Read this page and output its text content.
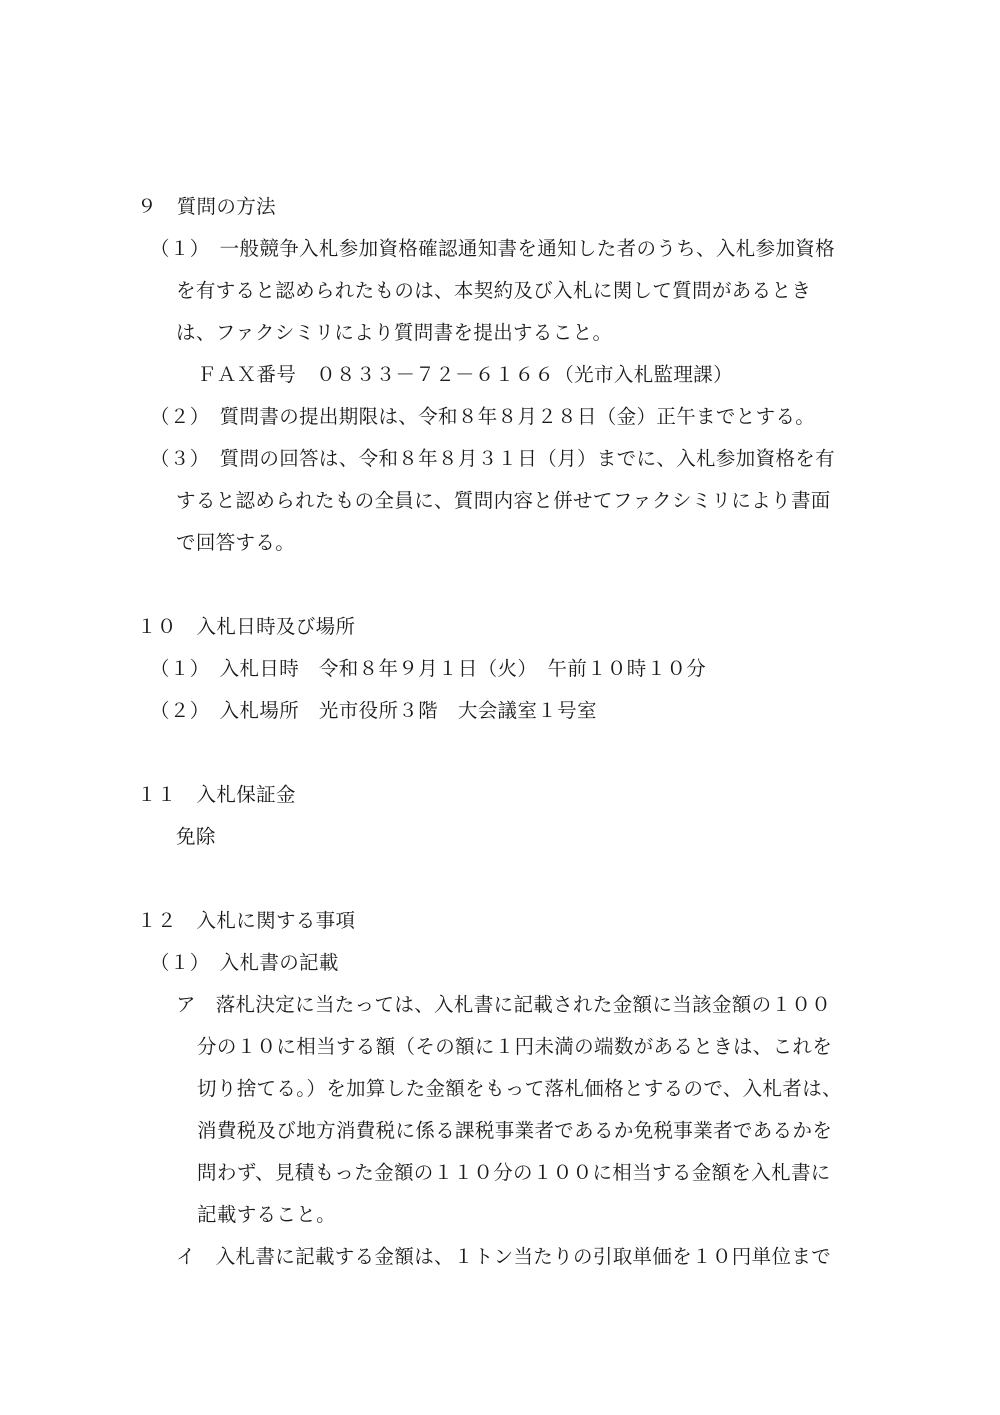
９　質問の方法
（１）　一般競争入札参加資格確認通知書を通知した者のうち、入札参加資格
を有すると認められたものは、本契約及び入札に関して質問があるとき
は、ファクシミリにより質問書を提出すること。
ＦＡＸ番号　０８３３－７２－６１６６（光市入札監理課）
（２）　質問書の提出期限は、令和８年８月２８日（金）正午までとする。
（３）　質問の回答は、令和８年８月３１日（月）までに、入札参加資格を有
すると認められたもの全員に、質問内容と併せてファクシミリにより書面
で回答する。
１０　入札日時及び場所
（１）　入札日時　令和８年９月１日（火）　午前１０時１０分
（２）　入札場所　光市役所３階　大会議室１号室
１１　入札保証金
免除
１２　入札に関する事項
（１）　入札書の記載
ア　落札決定に当たっては、入札書に記載された金額に当該金額の１００
分の１０に相当する額（その額に１円未満の端数があるときは、これを
切り捨てる。）を加算した金額をもって落札価格とするので、入札者は、
消費税及び地方消費税に係る課税事業者であるか免税事業者であるかを
問わず、見積もった金額の１１０分の１００に相当する金額を入札書に
記載すること。
イ　入札書に記載する金額は、１トン当たりの引取単価を１０円単位まで
